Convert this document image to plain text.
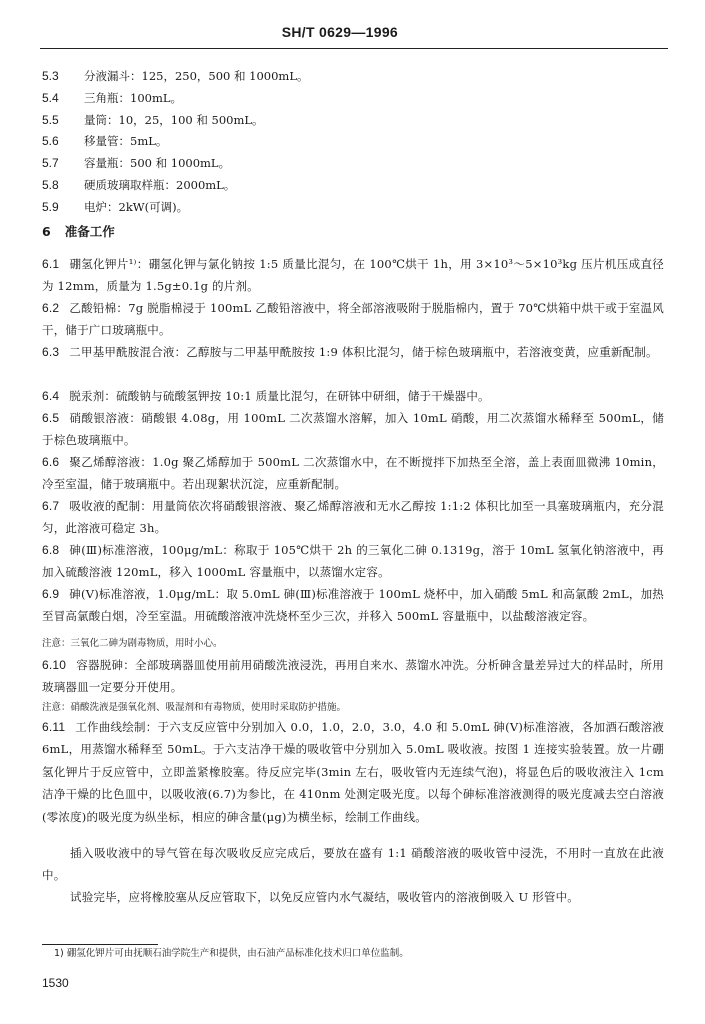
SH/T 0629—1996
5.3	分液漏斗：125，250，500 和 1000mL。
5.4	三角瓶：100mL。
5.5	量筒：10，25，100 和 500mL。
5.6	移量管：5mL。
5.7	容量瓶：500 和 1000mL。
5.8	硬质玻璃取样瓶：2000mL。
5.9	电炉：2kW(可调)。
6 准备工作
6.1 硼氢化钾片¹⁾：硼氢化钾与氯化钠按 1:5 质量比混匀，在 100℃烘干 1h，用 3×10³～5×10³kg 压片机压成直径为 12mm，质量为 1.5g±0.1g 的片剂。
6.2 乙酸铅棉：7g 脱脂棉浸于 100mL 乙酸铅溶液中，将全部溶液吸附于脱脂棉内，置于 70℃烘箱中烘干或于室温风干，储于广口玻璃瓶中。
6.3 二甲基甲酰胺混合液：乙醇胺与二甲基甲酰胺按 1:9 体积比混匀，储于棕色玻璃瓶中，若溶液变黄，应重新配制。
6.4 脱汞剂：硫酸钠与硫酸氢钾按 10:1 质量比混匀，在研钵中研细，储于干燥器中。
6.5 硝酸银溶液：硝酸银 4.08g，用 100mL 二次蒸馏水溶解，加入 10mL 硝酸，用二次蒸馏水稀释至 500mL，储于棕色玻璃瓶中。
6.6 聚乙烯醇溶液：1.0g 聚乙烯醇加于 500mL 二次蒸馏水中，在不断搅拌下加热至全溶，盖上表面皿微沸 10min，冷至室温，储于玻璃瓶中。若出现絮状沉淀，应重新配制。
6.7 吸收液的配制：用量筒依次将硝酸银溶液、聚乙烯醇溶液和无水乙醇按 1:1:2 体积比加至一具塞玻璃瓶内，充分混匀，此溶液可稳定 3h。
6.8 砷(Ⅲ)标准溶液，100μg/mL：称取于 105℃烘干 2h 的三氧化二砷 0.1319g，溶于 10mL 氢氧化钠溶液中，再加入硫酸溶液 120mL，移入 1000mL 容量瓶中，以蒸馏水定容。
6.9 砷(Ⅴ)标准溶液，1.0μg/mL：取 5.0mL 砷(Ⅲ)标准溶液于 100mL 烧杯中，加入硝酸 5mL 和高氯酸 2mL，加热至冒高氯酸白烟，冷至室温。用硫酸溶液冲洗烧杯至少三次，并移入 500mL 容量瓶中，以盐酸溶液定容。
注意：三氧化二砷为剧毒物质，用时小心。
6.10 容器脱砷：全部玻璃器皿使用前用硝酸洗液浸洗，再用自来水、蒸馏水冲洗。分析砷含量差异过大的样品时，所用玻璃器皿一定要分开使用。
注意：硝酸洗液是强氧化剂、吸湿剂和有毒物质，使用时采取防护措施。
6.11 工作曲线绘制：于六支反应管中分别加入 0.0，1.0，2.0，3.0，4.0 和 5.0mL 砷(Ⅴ)标准溶液，各加酒石酸溶液 6mL，用蒸馏水稀释至 50mL。于六支洁净干燥的吸收管中分别加入 5.0mL 吸收液。按图 1 连接实验装置。放一片硼氢化钾片于反应管中，立即盖紧橡胶塞。待反应完毕(3min 左右，吸收管内无连续气泡)，将显色后的吸收液注入 1cm 洁净干燥的比色皿中，以吸收液(6.7)为参比，在 410nm 处测定吸光度。以每个砷标准溶液测得的吸光度减去空白溶液(零浓度)的吸光度为纵坐标，相应的砷含量(μg)为横坐标，绘制工作曲线。
插入吸收液中的导气管在每次吸收反应完成后，要放在盛有 1:1 硝酸溶液的吸收管中浸洗，不用时一直放在此液中。
试验完毕，应将橡胶塞从反应管取下，以免反应管内水气凝结，吸收管内的溶液倒吸入 U 形管中。
1) 硼氢化钾片可由抚顺石油学院生产和提供，由石油产品标准化技术归口单位监制。
1530
